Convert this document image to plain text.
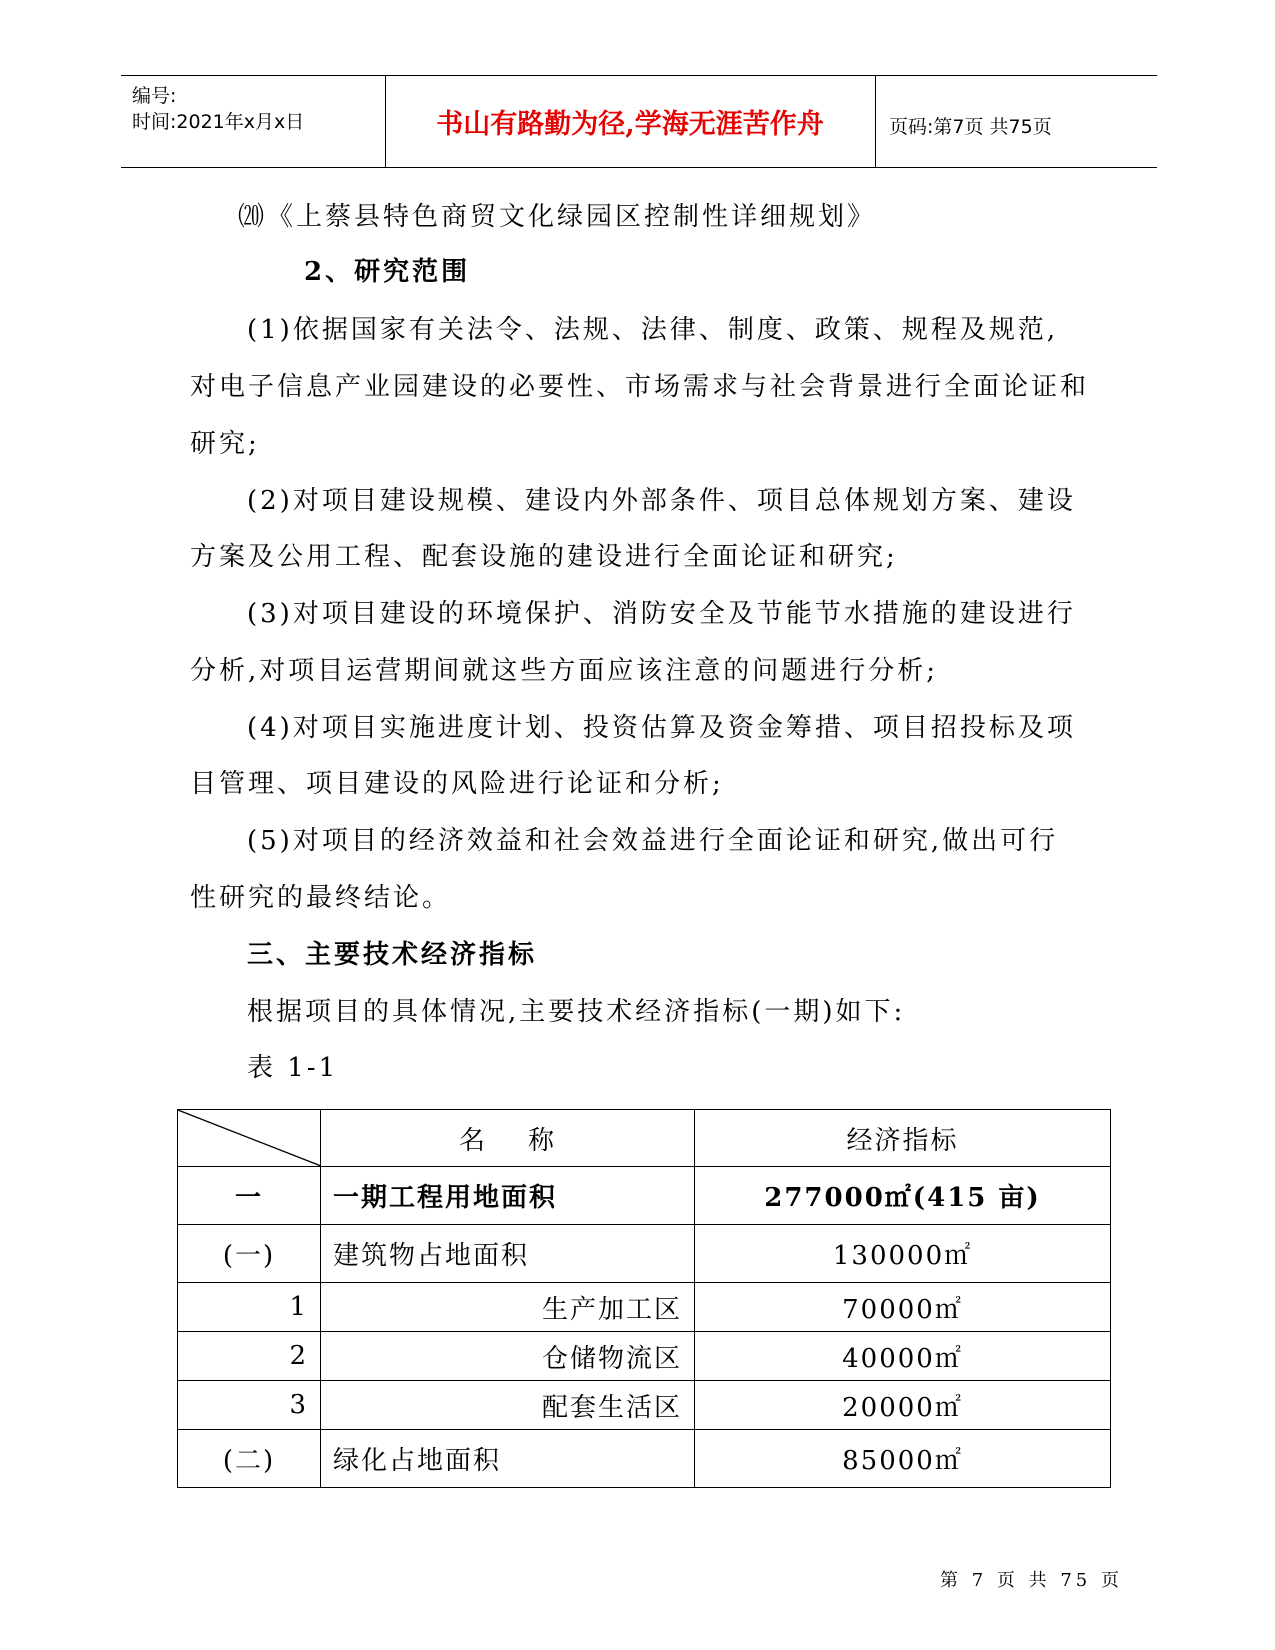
编号:
时间:2021年x月x日	书山有路勤为径,学海无涯苦作舟	页码:第7页 共75页
⒇《上蔡县特色商贸文化绿园区控制性详细规划》
2、研究范围
(1)依据国家有关法令、法规、法律、制度、政策、规程及规范,
对电子信息产业园建设的必要性、市场需求与社会背景进行全面论证和
研究;
(2)对项目建设规模、建设内外部条件、项目总体规划方案、建设
方案及公用工程、配套设施的建设进行全面论证和研究;
(3)对项目建设的环境保护、消防安全及节能节水措施的建设进行
分析,对项目运营期间就这些方面应该注意的问题进行分析;
(4)对项目实施进度计划、投资估算及资金筹措、项目招投标及项
目管理、项目建设的风险进行论证和分析;
(5)对项目的经济效益和社会效益进行全面论证和研究,做出可行
性研究的最终结论。
三、主要技术经济指标
根据项目的具体情况,主要技术经济指标(一期)如下:
表 1-1
	名    称	经济指标
一	一期工程用地面积	277000㎡(415 亩)
(一)	建筑物占地面积	130000㎡
1	生产加工区	70000㎡
2	仓储物流区	40000㎡
3	配套生活区	20000㎡
(二)	绿化占地面积	85000㎡
第 7 页 共 75 页
